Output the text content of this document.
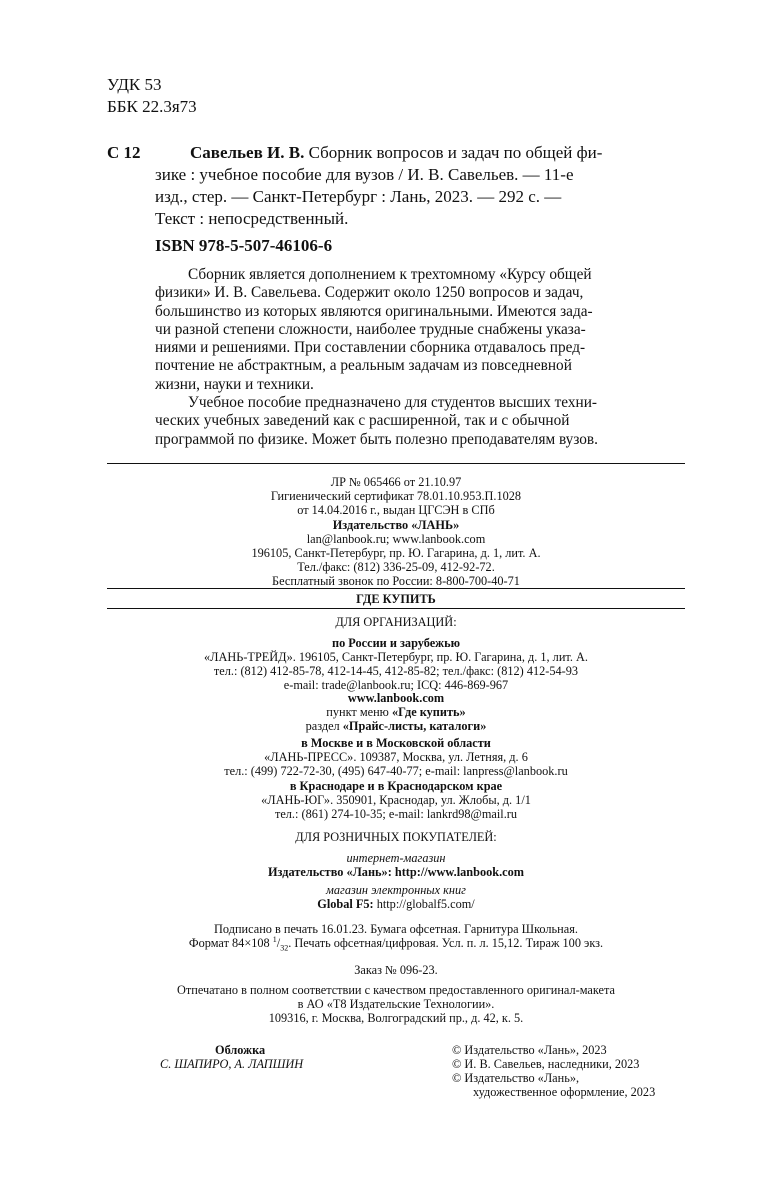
УДК 53
ББК 22.3я73
С 12	Савельев И. В. Сборник вопросов и задач по общей фи-
зике : учебное пособие для вузов / И. В. Савельев. — 11-е
изд., стер. — Санкт-Петербург : Лань, 2023. — 292 с. —
Текст : непосредственный.
ISBN 978-5-507-46106-6
Сборник является дополнением к трехтомному «Курсу общей
физики» И. В. Савельева. Содержит около 1250 вопросов и задач,
большинство из которых являются оригинальными. Имеются зада-
чи разной степени сложности, наиболее трудные снабжены указа-
ниями и решениями. При составлении сборника отдавалось пред-
почтение не абстрактным, а реальным задачам из повседневной
жизни, науки и техники.
Учебное пособие предназначено для студентов высших техни-
ческих учебных заведений как с расширенной, так и с обычной
программой по физике. Может быть полезно преподавателям вузов.
ЛР № 065466 от 21.10.97
Гигиенический сертификат 78.01.10.953.П.1028
от 14.04.2016 г., выдан ЦГСЭН в СПб
Издательство «ЛАНЬ»
lan@lanbook.ru; www.lanbook.com
196105, Санкт-Петербург, пр. Ю. Гагарина, д. 1, лит. А.
Тел./факс: (812) 336-25-09, 412-92-72.
Бесплатный звонок по России: 8-800-700-40-71
ГДЕ КУПИТЬ
ДЛЯ ОРГАНИЗАЦИЙ:
по России и зарубежью
«ЛАНЬ-ТРЕЙД». 196105, Санкт-Петербург, пр. Ю. Гагарина, д. 1, лит. А.
тел.: (812) 412-85-78, 412-14-45, 412-85-82; тел./факс: (812) 412-54-93
e-mail: trade@lanbook.ru; ICQ: 446-869-967
www.lanbook.com
пункт меню «Где купить»
раздел «Прайс-листы, каталоги»
в Москве и в Московской области
«ЛАНЬ-ПРЕСС». 109387, Москва, ул. Летняя, д. 6
тел.: (499) 722-72-30, (495) 647-40-77; e-mail: lanpress@lanbook.ru
в Краснодаре и в Краснодарском крае
«ЛАНЬ-ЮГ». 350901, Краснодар, ул. Жлобы, д. 1/1
тел.: (861) 274-10-35; e-mail: lankrd98@mail.ru
ДЛЯ РОЗНИЧНЫХ ПОКУПАТЕЛЕЙ:
интернет-магазин
Издательство «Лань»: http://www.lanbook.com
магазин электронных книг
Global F5: http://globalf5.com/
Подписано в печать 16.01.23. Бумага офсетная. Гарнитура Школьная.
Формат 84×108 $^1/_{32}$. Печать офсетная/цифровая. Усл. п. л. 15,12. Тираж 100 экз.
Заказ № 096-23.
Отпечатано в полном соответствии с качеством предоставленного оригинал-макета
в АО «Т8 Издательские Технологии».
109316, г. Москва, Волгоградский пр., д. 42, к. 5.
Обложка
С. ШАПИРО, А. ЛАПШИН
© Издательство «Лань», 2023
© И. В. Савельев, наследники, 2023
© Издательство «Лань»,
художественное оформление, 2023
